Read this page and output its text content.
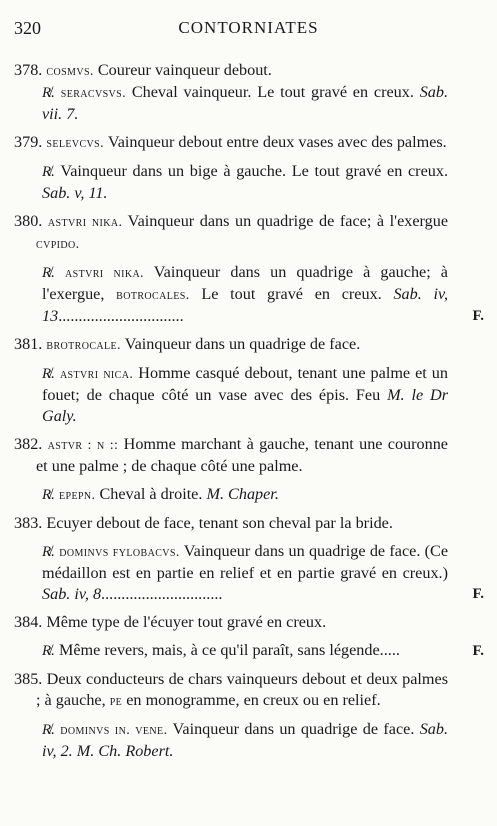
320	CONTORNIATES
378. cosmvs. Coureur vainqueur debout.
R̸. seracvsvs. Cheval vainqueur. Le tout gravé en creux. Sab. vii. 7.
379. selevcvs. Vainqueur debout entre deux vases avec des palmes.
R̸. Vainqueur dans un bige à gauche. Le tout gravé en creux. Sab. v, 11.
380. astvri nika. Vainqueur dans un quadrige de face; à l'exergue cvpido.
R̸. astvri nika. Vainqueur dans un quadrige à gauche; à l'exergue, botrocales. Le tout gravé en creux. Sab. iv, 13...............................	F.
381. brotrocale. Vainqueur dans un quadrige de face.
R̸. astvri nica. Homme casqué debout, tenant une palme et un fouet; de chaque côté un vase avec des épis. Feu M. le Dr Galy.
382. astvr : n :: Homme marchant à gauche, tenant une couronne et une palme ; de chaque côté une palme.
R̸. epepn. Cheval à droite. M. Chaper.
383. Ecuyer debout de face, tenant son cheval par la bride.
R̸. dominvs fylobacvs. Vainqueur dans un quadrige de face. (Ce médaillon est en partie en relief et en partie gravé en creux.) Sab. iv, 8..............................	F.
384. Même type de l'écuyer tout gravé en creux.
R̸. Même revers, mais, à ce qu'il paraît, sans légende.....	F.
385. Deux conducteurs de chars vainqueurs debout et deux palmes ; à gauche, pe en monogramme, en creux ou en relief.
R̸. dominvs in. vene. Vainqueur dans un quadrige de face. Sab. iv, 2. M. Ch. Robert.
